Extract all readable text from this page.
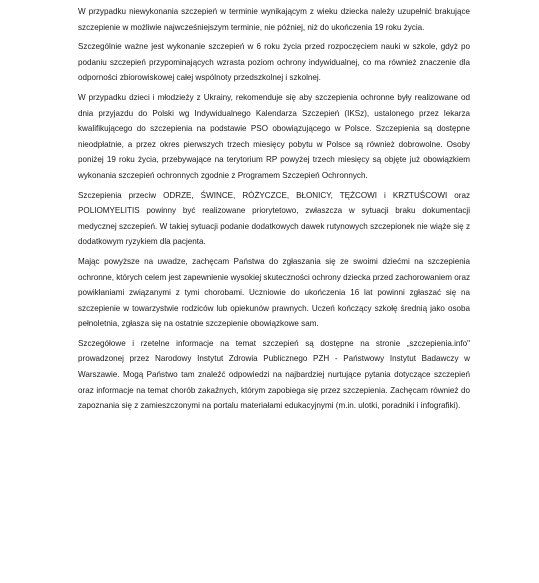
W przypadku niewykonania szczepień w terminie wynikającym z wieku dziecka należy uzupełnić brakujące szczepienie w możliwie najwcześniejszym terminie, nie później, niż do ukończenia 19 roku życia.

Szczególnie ważne jest wykonanie szczepień w 6 roku życia przed rozpoczęciem nauki w szkole, gdyż po podaniu szczepień przypominających wzrasta poziom ochrony indywidualnej, co ma również znaczenie dla odporności zbiorowiskowej całej wspólnoty przedszkolnej i szkolnej.

W przypadku dzieci i młodzieży z Ukrainy, rekomenduje się aby szczepienia ochronne były realizowane od dnia przyjazdu do Polski wg Indywidualnego Kalendarza Szczepień (IKSz), ustalonego przez lekarza kwalifikującego do szczepienia na podstawie PSO obowiązującego w Polsce. Szczepienia są dostępne nieodpłatnie, a przez okres pierwszych trzech miesięcy pobytu w Polsce są również dobrowolne. Osoby poniżej 19 roku życia, przebywające na terytorium RP powyżej trzech miesięcy są objęte już obowiązkiem wykonania szczepień ochronnych zgodnie z Programem Szczepień Ochronnych.

Szczepienia przeciw ODRZE, ŚWINCE, RÓŻYCZCE, BŁONICY, TĘŻCOWI i KRZTUŚCOWI oraz POLIOMYELITIS powinny być realizowane priorytetowo, zwłaszcza w sytuacji braku dokumentacji medycznej szczepień. W takiej sytuacji podanie dodatkowych dawek rutynowych szczepionek nie wiąże się z dodatkowym ryzykiem dla pacjenta.

Mając powyższe na uwadze, zachęcam Państwa do zgłaszania się ze swoimi dziećmi na szczepienia ochronne, których celem jest zapewnienie wysokiej skuteczności ochrony dziecka przed zachorowaniem oraz powikłaniami związanymi z tymi chorobami. Uczniowie do ukończenia 16 lat powinni zgłaszać się na szczepienie w towarzystwie rodziców lub opiekunów prawnych. Uczeń kończący szkołę średnią jako osoba pełnoletnia, zgłasza się na ostatnie szczepienie obowiązkowe sam.

Szczegółowe i rzetelne informacje na temat szczepień są dostępne na stronie „szczepienia.info" prowadzonej przez Narodowy Instytut Zdrowia Publicznego PZH - Państwowy Instytut Badawczy w Warszawie. Mogą Państwo tam znaleźć odpowiedzi na najbardziej nurtujące pytania dotyczące szczepień oraz informacje na temat chorób zakaźnych, którym zapobiega się przez szczepienia. Zachęcam również do zapoznania się z zamieszczonymi na portalu materiałami edukacyjnymi (m.in. ulotki, poradniki i infografiki).
